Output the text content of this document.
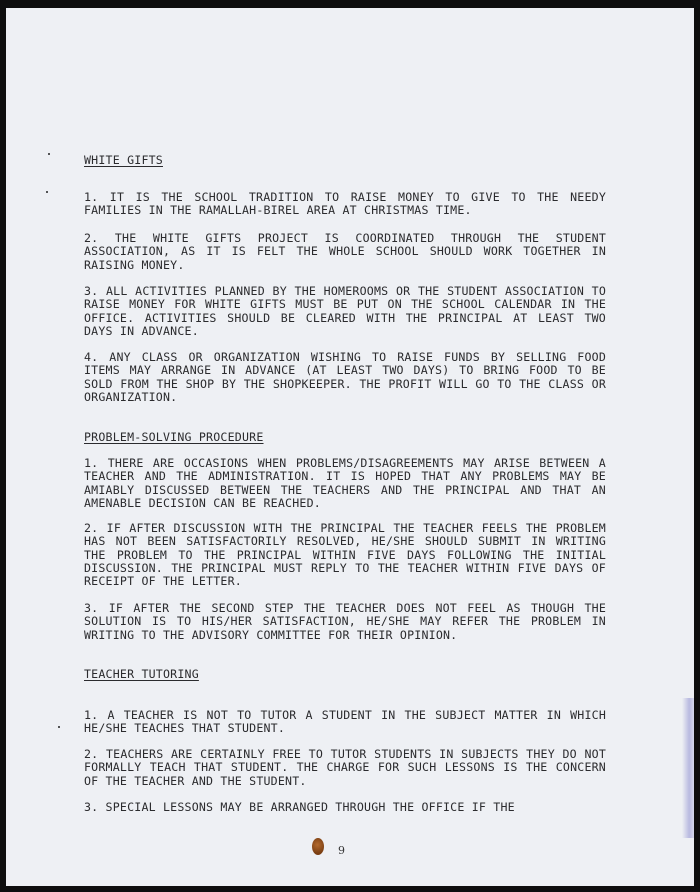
WHITE GIFTS

1. IT IS THE SCHOOL TRADITION TO RAISE MONEY TO GIVE TO THE NEEDY FAMILIES IN THE RAMALLAH-BIREL AREA AT CHRISTMAS TIME.

2. THE WHITE GIFTS PROJECT IS COORDINATED THROUGH THE STUDENT ASSOCIATION, AS IT IS FELT THE WHOLE SCHOOL SHOULD WORK TOGETHER IN RAISING MONEY.

3. ALL ACTIVITIES PLANNED BY THE HOMEROOMS OR THE STUDENT ASSOCIATION TO RAISE MONEY FOR WHITE GIFTS MUST BE PUT ON THE SCHOOL CALENDAR IN THE OFFICE. ACTIVITIES SHOULD BE CLEARED WITH THE PRINCIPAL AT LEAST TWO DAYS IN ADVANCE.

4. ANY CLASS OR ORGANIZATION WISHING TO RAISE FUNDS BY SELLING FOOD ITEMS MAY ARRANGE IN ADVANCE (AT LEAST TWO DAYS) TO BRING FOOD TO BE SOLD FROM THE SHOP BY THE SHOPKEEPER. THE PROFIT WILL GO TO THE CLASS OR ORGANIZATION.

PROBLEM-SOLVING PROCEDURE

1. THERE ARE OCCASIONS WHEN PROBLEMS/DISAGREEMENTS MAY ARISE BETWEEN A TEACHER AND THE ADMINISTRATION. IT IS HOPED THAT ANY PROBLEMS MAY BE AMIABLY DISCUSSED BETWEEN THE TEACHERS AND THE PRINCIPAL AND THAT AN AMENABLE DECISION CAN BE REACHED.

2. IF AFTER DISCUSSION WITH THE PRINCIPAL THE TEACHER FEELS THE PROBLEM HAS NOT BEEN SATISFACTORILY RESOLVED, HE/SHE SHOULD SUBMIT IN WRITING THE PROBLEM TO THE PRINCIPAL WITHIN FIVE DAYS FOLLOWING THE INITIAL DISCUSSION. THE PRINCIPAL MUST REPLY TO THE TEACHER WITHIN FIVE DAYS OF RECEIPT OF THE LETTER.

3. IF AFTER THE SECOND STEP THE TEACHER DOES NOT FEEL AS THOUGH THE SOLUTION IS TO HIS/HER SATISFACTION, HE/SHE MAY REFER THE PROBLEM IN WRITING TO THE ADVISORY COMMITTEE FOR THEIR OPINION.

TEACHER TUTORING

1. A TEACHER IS NOT TO TUTOR A STUDENT IN THE SUBJECT MATTER IN WHICH HE/SHE TEACHES THAT STUDENT.

2. TEACHERS ARE CERTAINLY FREE TO TUTOR STUDENTS IN SUBJECTS THEY DO NOT FORMALLY TEACH THAT STUDENT. THE CHARGE FOR SUCH LESSONS IS THE CONCERN OF THE TEACHER AND THE STUDENT.

3. SPECIAL LESSONS MAY BE ARRANGED THROUGH THE OFFICE IF THE

9
